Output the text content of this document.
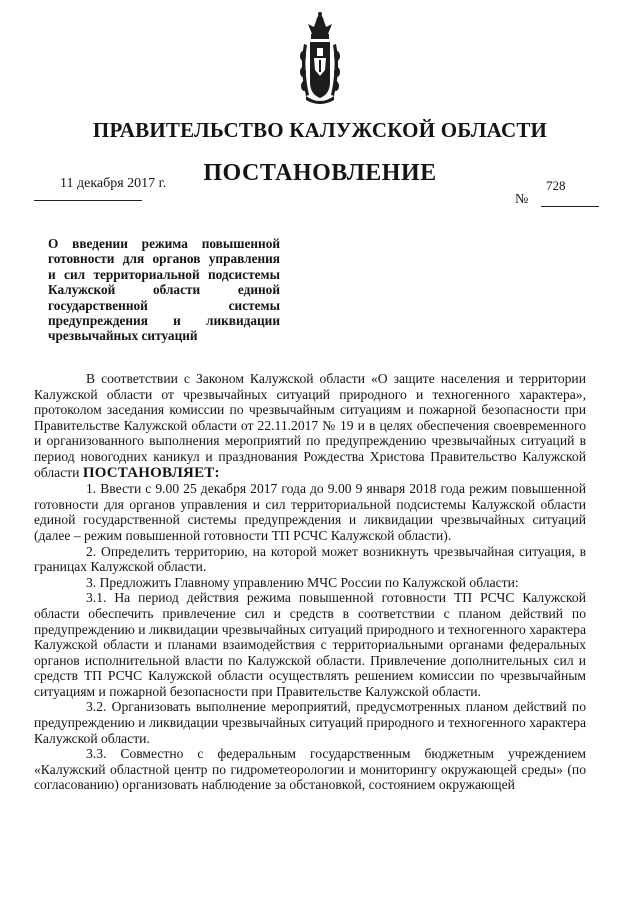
ПРАВИТЕЛЬСТВО КАЛУЖСКОЙ ОБЛАСТИ
ПОСТАНОВЛЕНИЕ
11 декабря 2017 г.	728
№
О введении режима повышенной
готовности для органов управления
и сил территориальной подсистемы
Калужской области единой
государственной системы
предупреждения и ликвидации
чрезвычайных ситуаций

В соответствии с Законом Калужской области «О защите населения и территории Калужской области от чрезвычайных ситуаций природного и техногенного характера», протоколом заседания комиссии по чрезвычайным ситуациям и пожарной безопасности при Правительстве Калужской области от 22.11.2017 № 19 и в целях обеспечения своевременного и организованного выполнения мероприятий по предупреждению чрезвычайных ситуаций в период новогодних каникул и празднования Рождества Христова Правительство Калужской области ПОСТАНОВЛЯЕТ:

1. Ввести с 9.00 25 декабря 2017 года до 9.00 9 января 2018 года режим повышенной готовности для органов управления и сил территориальной подсистемы Калужской области единой государственной системы предупреждения и ликвидации чрезвычайных ситуаций (далее – режим повышенной готовности ТП РСЧС Калужской области).

2. Определить территорию, на которой может возникнуть чрезвычайная ситуация, в границах Калужской области.

3. Предложить Главному управлению МЧС России по Калужской области:

3.1. На период действия режима повышенной готовности ТП РСЧС Калужской области обеспечить привлечение сил и средств в соответствии с планом действий по предупреждению и ликвидации чрезвычайных ситуаций природного и техногенного характера Калужской области и планами взаимодействия с территориальными органами федеральных органов исполнительной власти по Калужской области. Привлечение дополнительных сил и средств ТП РСЧС Калужской области осуществлять решением комиссии по чрезвычайным ситуациям и пожарной безопасности при Правительстве Калужской области.

3.2. Организовать выполнение мероприятий, предусмотренных планом действий по предупреждению и ликвидации чрезвычайных ситуаций природного и техногенного характера Калужской области.

3.3. Совместно с федеральным государственным бюджетным учреждением «Калужский областной центр по гидрометеорологии и мониторингу окружающей среды» (по согласованию) организовать наблюдение за обстановкой, состоянием окружающей
